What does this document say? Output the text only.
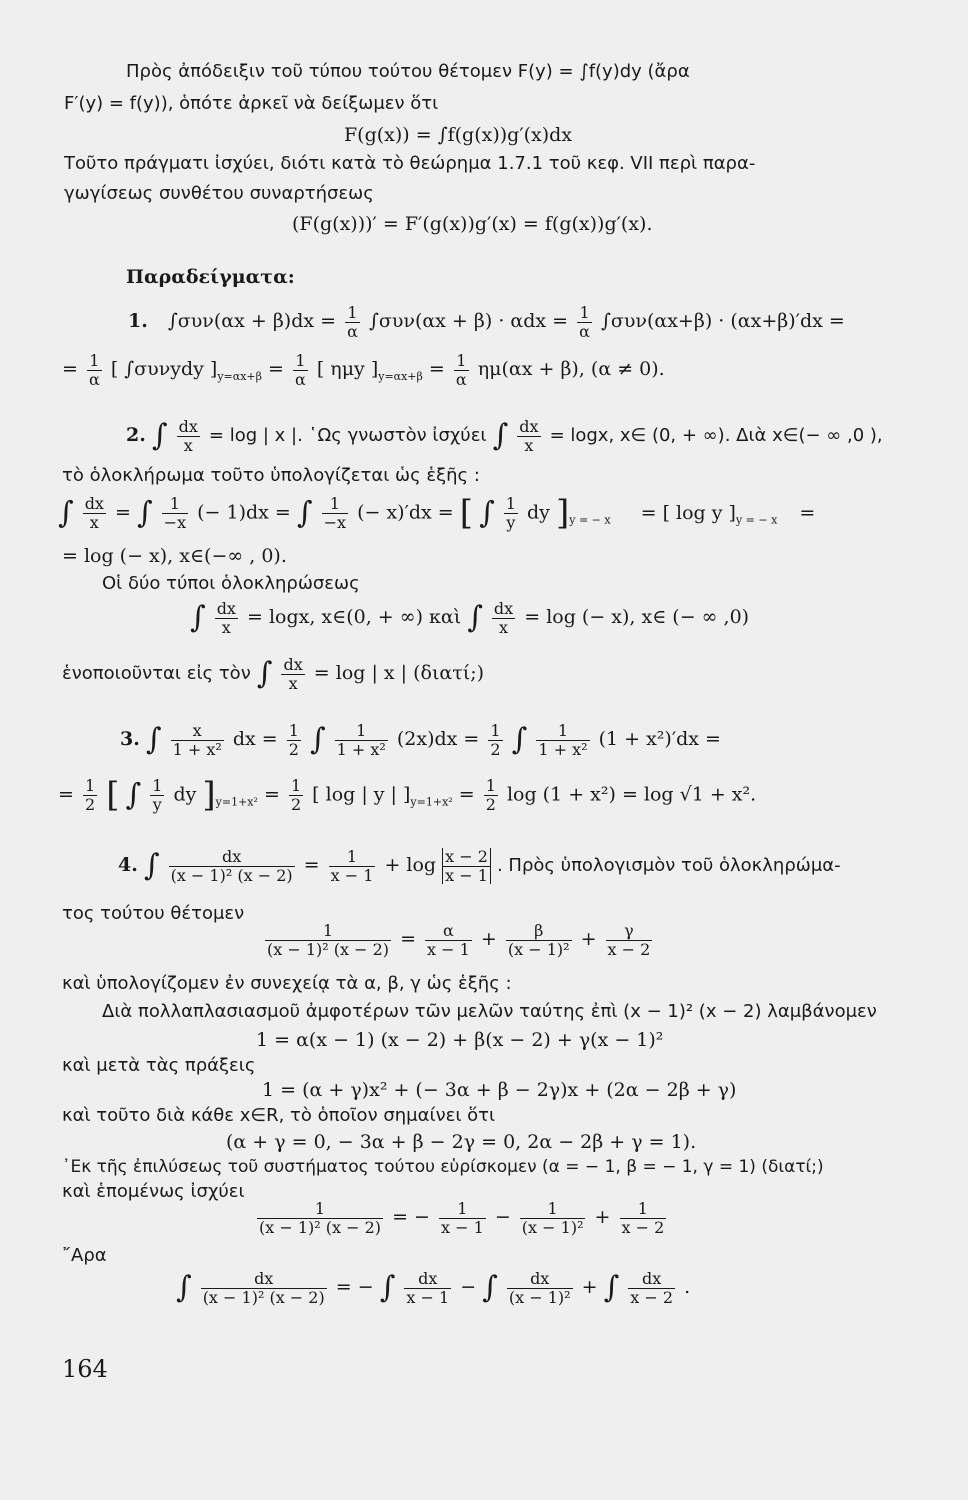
Πρὸς ἀπόδειξιν τοῦ τύπου τούτου θέτομεν F(y) = ∫f(y)dy (ἄρα
F′(y) = f(y)), ὁπότε ἀρκεῖ νὰ δείξωμεν ὅτι
F(g(x)) = ∫f(g(x))g′(x)dx
Τοῦτο πράγματι ἰσχύει, διότι κατὰ τὸ θεώρημα 1.7.1 τοῦ κεφ. VII περὶ παρα-
γωγίσεως συνθέτου συναρτήσεως
(F(g(x)))′ = F′(g(x))g′(x) = f(g(x))g′(x).
Παραδείγματα:
1. $\int\sigma\upsilon\nu(\alpha x + \beta)dx = \frac{1}{\alpha} \int\sigma\upsilon\nu(\alpha x + \beta) \cdot \alpha dx = \frac{1}{\alpha} \int\sigma\upsilon\nu(\alpha x+\beta) \cdot (\alpha x+\beta)'dx$ =
= $\frac{1}{\alpha}$ [ ∫συνydy ]$_{y=\alpha x+\beta} = \frac{1}{\alpha}$ [ ημy ]$_{y=\alpha x+\beta} = \frac{1}{\alpha} \eta\mu(\alpha x + \beta)$, (α ≠ 0).
2. ∫ $\frac{dx}{x} = \log$ | x |. ῾Ως γνωστὸν ἰσχύει ∫ $\frac{dx}{x} = \log x$, x∈ (0, + ∞). Διὰ x∈(− ∞ ,0 ),
τὸ ὁλοκλήρωμα τοῦτο ὑπολογίζεται ὡς ἑξῆς :
∫ $\frac{dx}{x}$ = ∫ $\frac{1}{-x}$ (− 1)dx = ∫ $\frac{1}{-x}$ (− x)′dx = [ ∫ $\frac{1}{y}$ dy ]$_{y = - x}$ = [ log y ]$_{y = - x}$ =
= log (− x), x∈(−∞ , 0).
Οἱ δύο τύποι ὁλοκληρώσεως
∫ $\frac{dx}{x} = \log x$, x∈(0, + ∞) καὶ ∫ $\frac{dx}{x} = \log$ (− x), x∈ (− ∞ ,0)
ἑνοποιοῦνται εἰς τὸν ∫ $\frac{dx}{x} = \log$ | x | (διατί;)
3. ∫ $\frac{x}{\text{1 + x²}}$ dx = $\frac{1}{2}$ ∫ $\frac{1}{\text{1 + x²}} (2x)dx = \frac{1}{2}$ ∫ $\frac{1}{\text{1 + x²}} (1 + x^2)'dx$ =
= $\frac{1}{2}$ [ ∫ $\frac{1}{y}$ dy ]$_{y=1+x^2} = \frac{1}{2}$ [ log | y | ]$_{y=1+x^2} = \frac{1}{2}$ log (1 + x²) = log √1 + x².
4. ∫ $\frac{dx}{\text{(x − 1)² (x − 2)}} = \frac{1}{x - 1} + \log \frac{x - 2}{x - 1}$ . Πρὸς ὑπολογισμὸν τοῦ ὁλοκληρώμα-
τος τούτου θέτομεν
$\frac{1}{\text{(x − 1)² (x − 2)}} = \frac{\alpha}{x - 1} + \frac{\beta}{\text{(x − 1)²}} + \frac{\gamma}{x - 2}$
καὶ ὑπολογίζομεν ἐν συνεχείᾳ τὰ α, β, γ ὡς ἑξῆς :
Διὰ πολλαπλασιασμοῦ ἀμφοτέρων τῶν μελῶν ταύτης ἐπὶ (x − 1)² (x − 2) λαμβάνομεν
1 = α(x − 1) (x − 2) + β(x − 2) + γ(x − 1)²
καὶ μετὰ τὰς πράξεις
1 = (α + γ)x² + (− 3α + β − 2γ)x + (2α − 2β + γ)
καὶ τοῦτο διὰ κάθε x∈R, τὸ ὁποῖον σημαίνει ὅτι
(α + γ = 0, − 3α + β − 2γ = 0, 2α − 2β + γ = 1).
᾿Εκ τῆς ἐπιλύσεως τοῦ συστήματος τούτου εὑρίσκομεν (α = − 1, β = − 1, γ = 1) (διατί;)
καὶ ἑπομένως ἰσχύει
$\frac{1}{\text{(x − 1)² (x − 2)}}$ = − $\frac{1}{x - 1} - \frac{1}{\text{(x − 1)²}} + \frac{1}{x - 2}$
῎Αρα
∫ $\frac{dx}{\text{(x − 1)² (x − 2)}}$ = − ∫ $\frac{dx}{x - 1}$ − ∫ $\frac{dx}{\text{(x − 1)²}}$ + ∫ $\frac{dx}{x - 2}$ .
164
